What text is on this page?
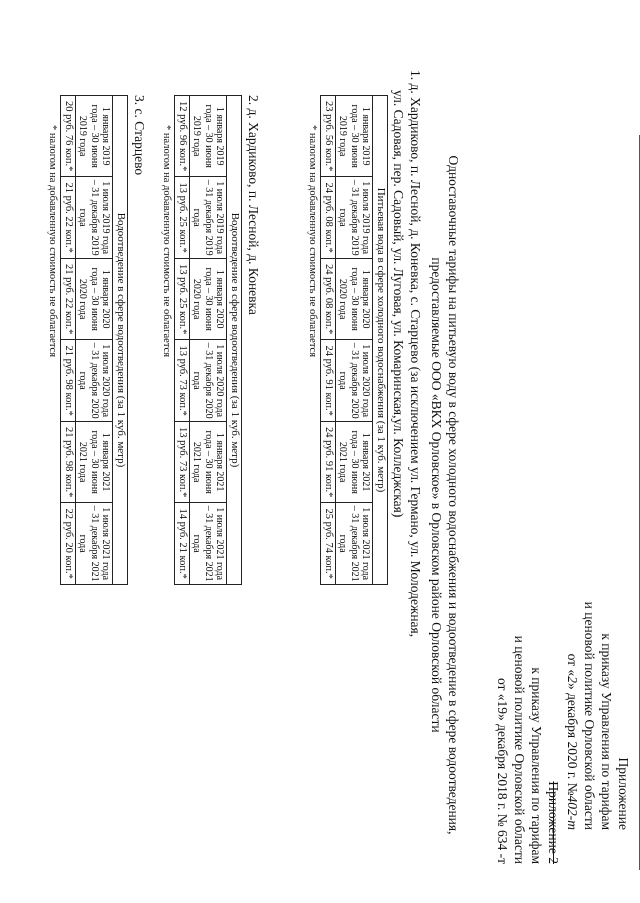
Приложение
к приказу Управления по тарифам
и ценовой политике Орловской области
от «2» декабря 2020 г. №402-т
Приложение 2
к приказу Управления по тарифам
и ценовой политике Орловской области
от «19» декабря 2018 г. № 634 -т
Одноставочные тарифы на питьевую воду в сфере холодного водоснабжения и водоотведение в сфере водоотведения,
предоставляемые ООО «ВКХ Орловское» в Орловском районе Орловской области
1. д. Хардиково, п. Лесной, д. Коневка, с. Старцево (за исключением ул. Германо, ул. Молодежная,
ул. Садовая, пер. Садовый, ул. Луговая, ул. Комаринская,ул. Колледжская)
Питьевая вода в сфере холодного водоснабжения (за 1 куб. метр)					
1 января 2019 года – 30 июня 2019 года	1 июля 2019 года – 31 декабря 2019 года	1 января 2020 года – 30 июня 2020 года	1 июля 2020 года – 31 декабря 2020 года	1 января 2021 года – 30 июня 2021 года	1 июля 2021 года – 31 декабря 2021 года
23 руб. 56 коп.*	24 руб. 08 коп.*	24 руб. 08 коп.*	24 руб. 91 коп.*	24 руб. 91 коп.*	25 руб. 74 коп.*
* налогом на добавленную стоимость не облагается
2. д. Хардиково, п. Лесной, д. Коневка
Водоотведение в сфере водоотведения (за 1 куб. метр)					
1 января 2019 года – 30 июня 2019 года	1 июля 2019 года – 31 декабря 2019 года	1 января 2020 года – 30 июня 2020 года	1 июля 2020 года – 31 декабря 2020 года	1 января 2021 года – 30 июня 2021 года	1 июля 2021 года – 31 декабря 2021 года
12 руб. 96 коп.*	13 руб. 25 коп.*	13 руб. 25 коп.*	13 руб. 73 коп.*	13 руб. 73 коп.*	14 руб. 21 коп.*
* налогом на добавленную стоимость не облагается
3. с. Старцево
Водоотведение в сфере водоотведения (за 1 куб. метр)					
1 января 2019 года – 30 июня 2019 года	1 июля 2019 года – 31 декабря 2019 года	1 января 2020 года – 30 июня 2020 года	1 июля 2020 года – 31 декабря 2020 года	1 января 2021 года – 30 июня 2021 года	1 июля 2021 года – 31 декабря 2021 года
20 руб. 76 коп.*	21 руб. 22 коп.*	21 руб. 22 коп.*	21 руб. 98 коп.*	21 руб. 98 коп.*	22 руб. 20 коп.*
* налогом на добавленную стоимость не облагается
